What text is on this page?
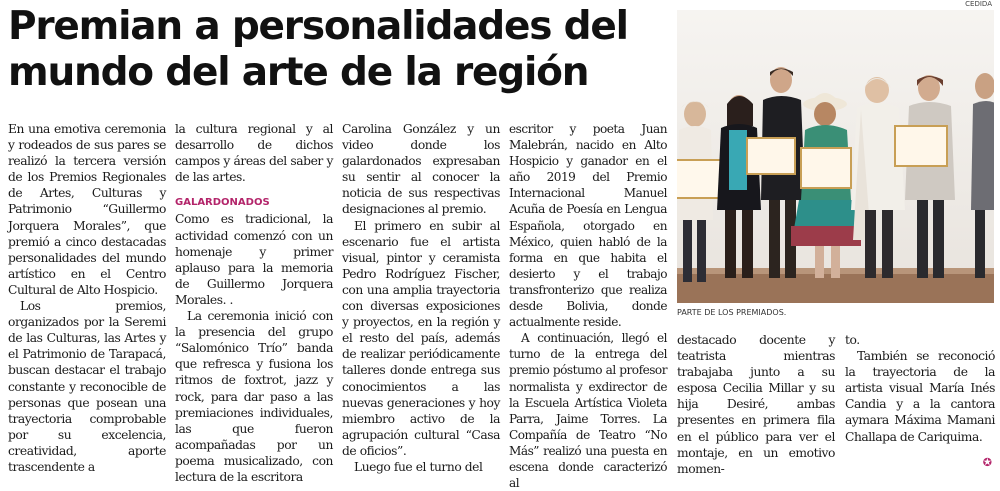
Premian a personalidades del mundo del arte de la región
CEDIDA
PARTE DE LOS PREMIADOS.

En una emotiva ceremonia y rodeados de sus pares se realizó la tercera versión de los Premios Regionales de Artes, Culturas y Patrimonio “Guillermo Jorquera Morales”, que premió a cinco destacadas personalidades del mundo artístico en el Centro Cultural de Alto Hospicio.

Los premios, organizados por la Seremi de las Culturas, las Artes y el Patrimonio de Tarapacá, buscan destacar el trabajo constante y reconocible de personas que posean una trayectoria comprobable por su excelencia, creatividad, aporte trascendente a

la cultura regional y al desarrollo de dichos campos y áreas del saber y de las artes.

GALARDONADOS

Como es tradicional, la actividad comenzó con un homenaje y primer aplauso para la memoria de Guillermo Jorquera Morales. .

La ceremonia inició con la presencia del grupo “Salomónico Trío” banda que refresca y fusiona los ritmos de foxtrot, jazz y rock, para dar paso a las premiaciones individuales, las que fueron acompañadas por un poema musicalizado, con lectura de la escritora

Carolina González y un video donde los galardonados expresaban su sentir al conocer la noticia de sus respectivas designaciones al premio.

El primero en subir al escenario fue el artista visual, pintor y ceramista Pedro Rodríguez Fischer, con una amplia trayectoria con diversas exposiciones y proyectos, en la región y el resto del país, además de realizar periódicamente talleres donde entrega sus conocimientos a las nuevas generaciones y hoy miembro activo de la agrupación cultural “Casa de oficios”.

Luego fue el turno del

escritor y poeta Juan Malebrán, nacido en Alto Hospicio y ganador en el año 2019 del Premio Internacional Manuel Acuña de Poesía en Lengua Española, otorgado en México, quien habló de la forma en que habita el desierto y el trabajo transfronterizo que realiza desde Bolivia, donde actualmente reside.

A continuación, llegó el turno de la entrega del premio póstumo al profesor normalista y exdirector de la Escuela Artística Violeta Parra, Jaime Torres. La Compañía de Teatro “No Más” realizó una puesta en escena donde caracterizó al

destacado docente y teatrista mientras trabajaba junto a su esposa Cecilia Millar y su hija Desiré, ambas presentes en primera fila en el público para ver el montaje, en un emotivo momen-

to.

También se reconoció la trayectoria de la artista visual María Inés Candia y a la cantora aymara Máxima Mamani Challapa de Cariquima.

✪
